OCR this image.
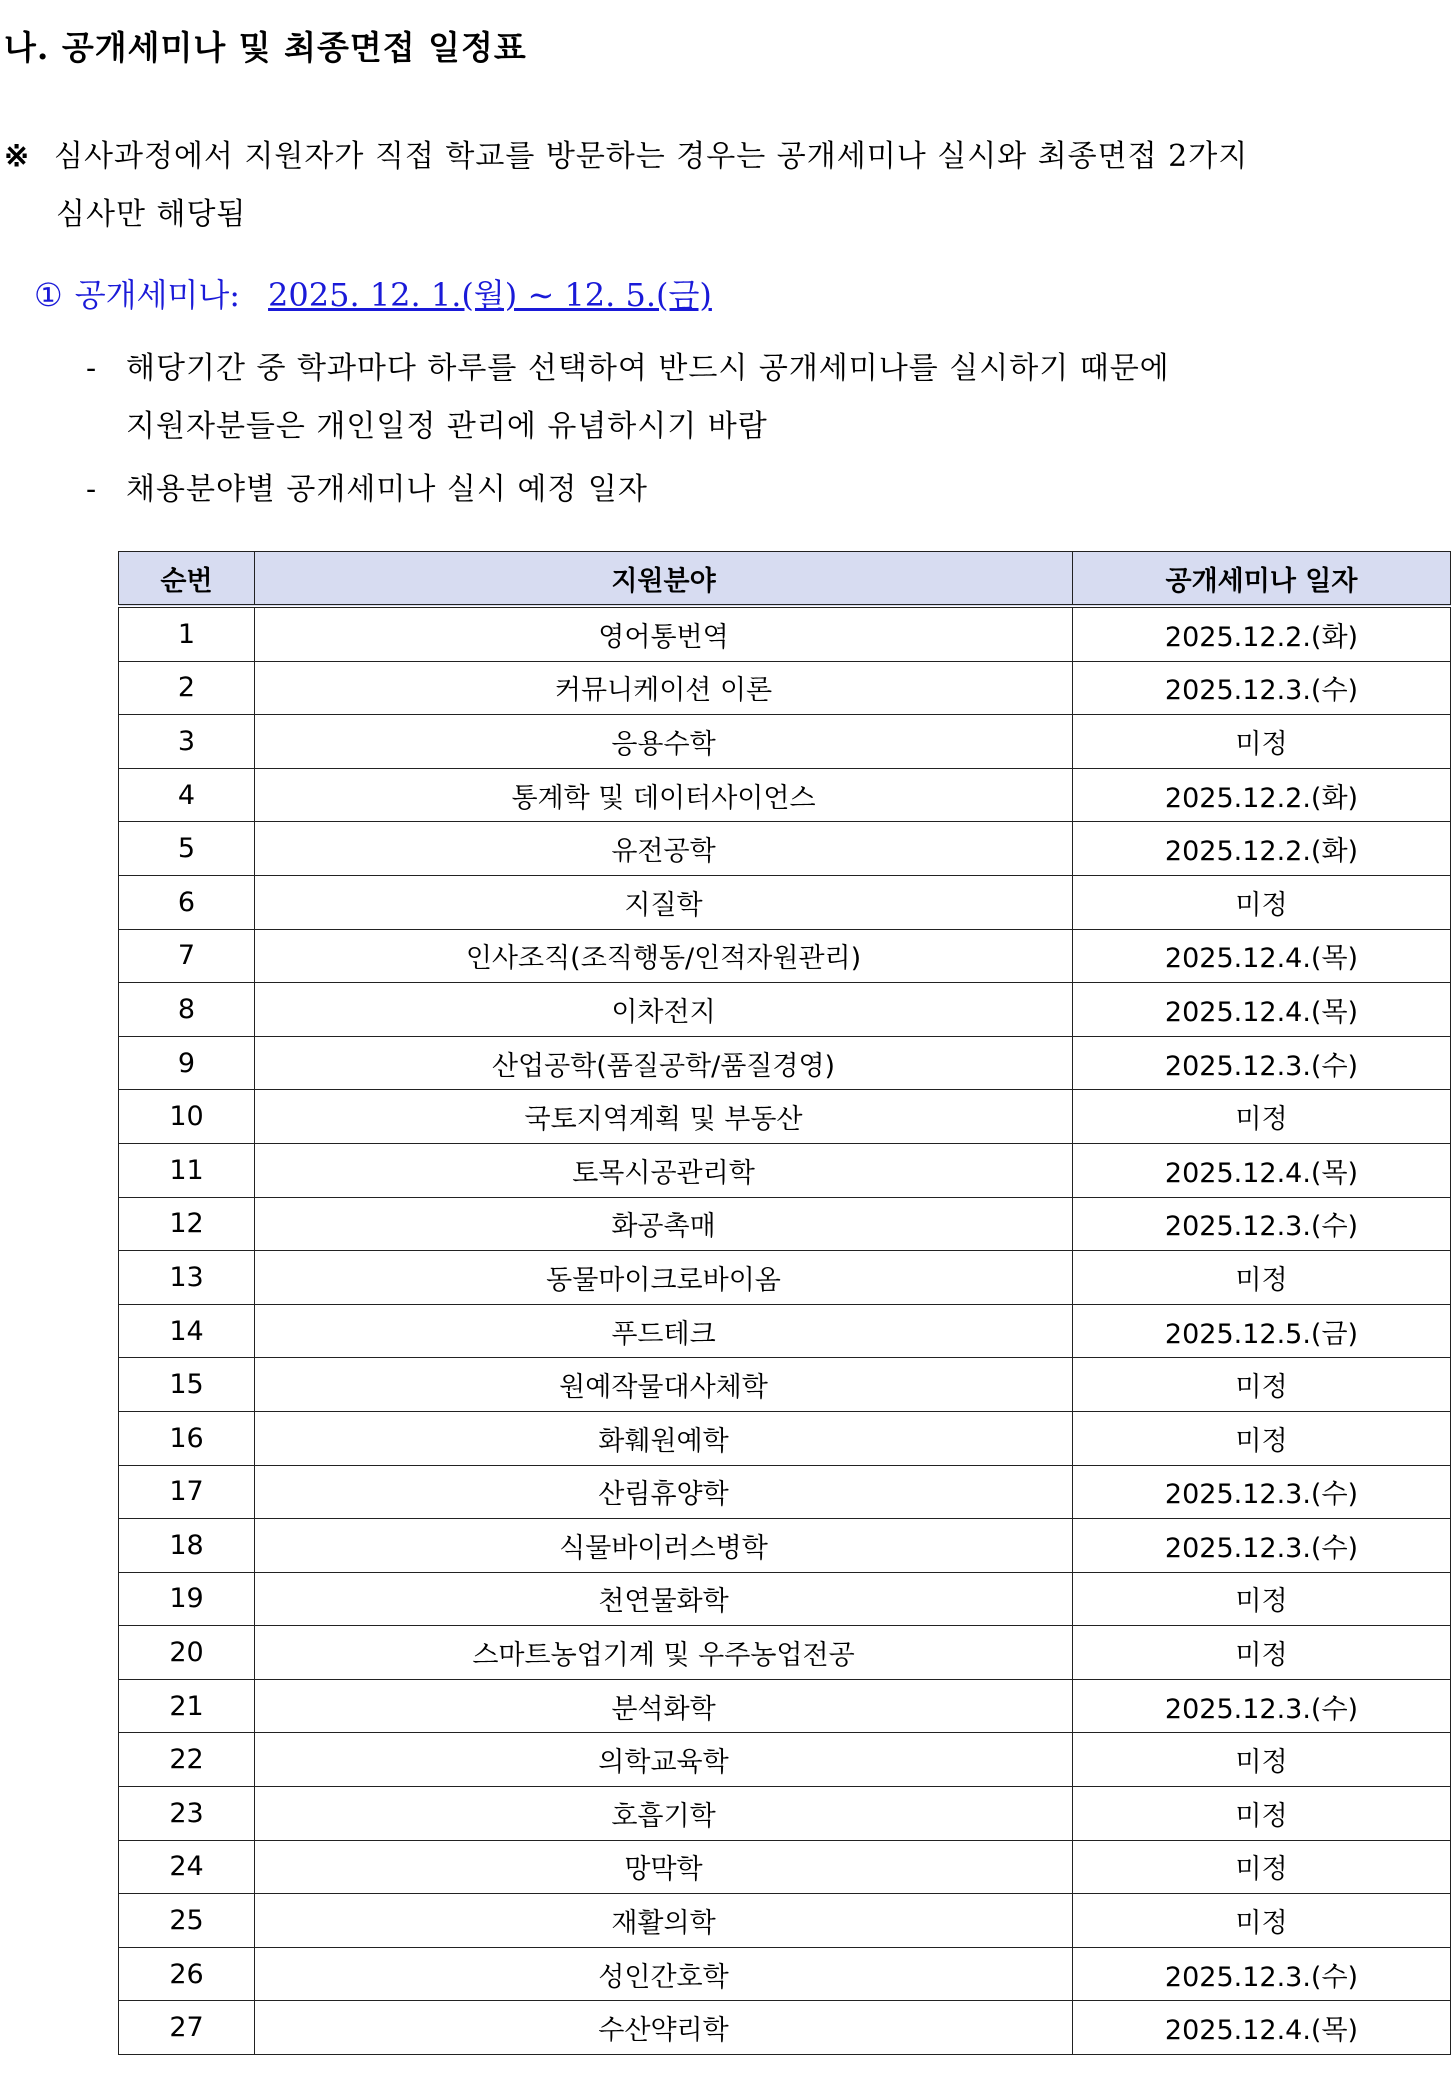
나. 공개세미나 및 최종면접 일정표
※ 심사과정에서 지원자가 직접 학교를 방문하는 경우는 공개세미나 실시와 최종면접 2가지
심사만 해당됨
① 공개세미나: 2025. 12. 1.(월) ∼ 12. 5.(금)
- 해당기간 중 학과마다 하루를 선택하여 반드시 공개세미나를 실시하기 때문에
지원자분들은 개인일정 관리에 유념하시기 바람
- 채용분야별 공개세미나 실시 예정 일자
순번	지원분야	공개세미나 일자
1	영어통번역	2025.12.2.(화)
2	커뮤니케이션 이론	2025.12.3.(수)
3	응용수학	미정
4	통계학 및 데이터사이언스	2025.12.2.(화)
5	유전공학	2025.12.2.(화)
6	지질학	미정
7	인사조직(조직행동/인적자원관리)	2025.12.4.(목)
8	이차전지	2025.12.4.(목)
9	산업공학(품질공학/품질경영)	2025.12.3.(수)
10	국토지역계획 및 부동산	미정
11	토목시공관리학	2025.12.4.(목)
12	화공촉매	2025.12.3.(수)
13	동물마이크로바이옴	미정
14	푸드테크	2025.12.5.(금)
15	원예작물대사체학	미정
16	화훼원예학	미정
17	산림휴양학	2025.12.3.(수)
18	식물바이러스병학	2025.12.3.(수)
19	천연물화학	미정
20	스마트농업기계 및 우주농업전공	미정
21	분석화학	2025.12.3.(수)
22	의학교육학	미정
23	호흡기학	미정
24	망막학	미정
25	재활의학	미정
26	성인간호학	2025.12.3.(수)
27	수산약리학	2025.12.4.(목)
